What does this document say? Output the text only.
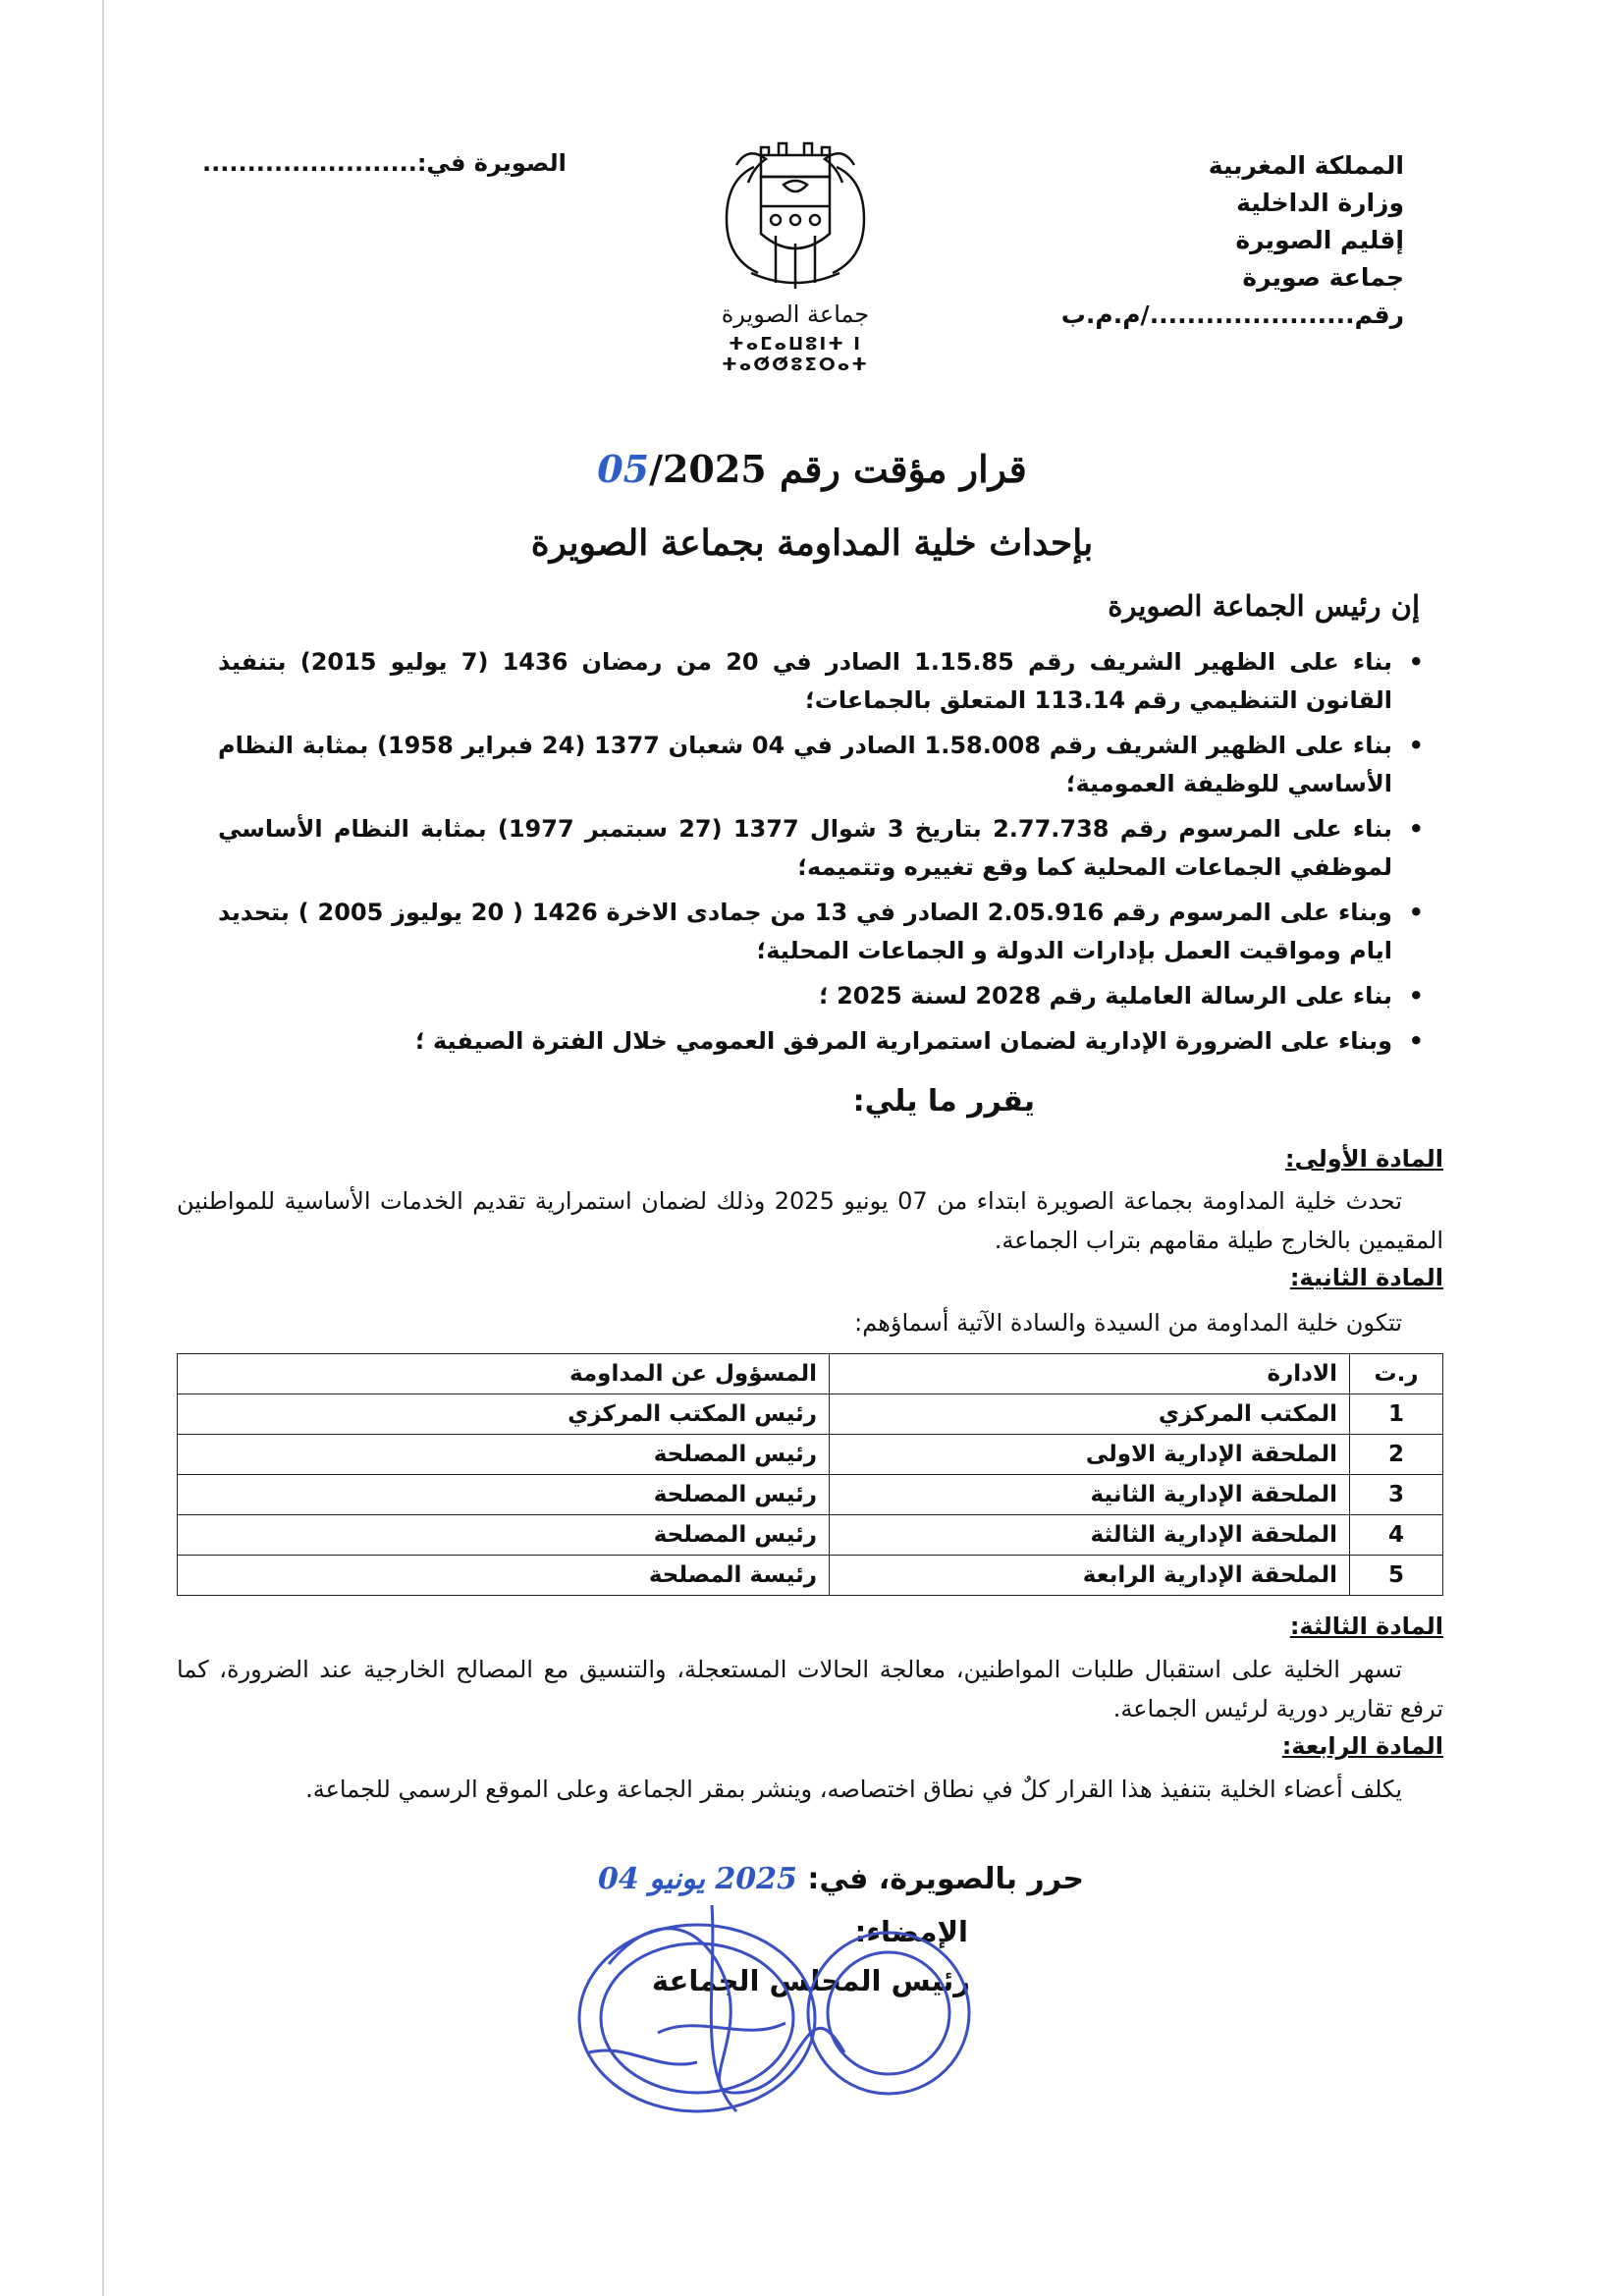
المملكة المغربية
وزارة الداخلية
إقليم الصويرة
جماعة صويرة
رقم....................../م.م.ب
الصويرة في:........................
جماعة الصويرة
ⵜⴰⵎⴰⵡⵓⵏⵜ ⵏ ⵜⴰⵚⵚⵓⵉⵔⴰⵜ
قرار مؤقت رقم 05/2025
بإحداث خلية المداومة بجماعة الصويرة
إن رئيس الجماعة الصويرة
•
بناء على الظهير الشريف رقم 1.15.85 الصادر في 20 من رمضان 1436 (7 يوليو 2015) بتنفيذ القانون التنظيمي رقم 113.14 المتعلق بالجماعات؛
•
بناء على الظهير الشريف رقم 1.58.008 الصادر في 04 شعبان 1377 (24 فبراير 1958) بمثابة النظام الأساسي للوظيفة العمومية؛
•
بناء على المرسوم رقم 2.77.738 بتاريخ 3 شوال 1377 (27 سبتمبر 1977) بمثابة النظام الأساسي لموظفي الجماعات المحلية كما وقع تغييره وتتميمه؛
•
وبناء على المرسوم رقم 2.05.916 الصادر في 13 من جمادى الاخرة 1426 ( 20 يوليوز 2005 ) بتحديد ايام ومواقيت العمل بإدارات الدولة و الجماعات المحلية؛
•
بناء على الرسالة العاملية رقم 2028 لسنة 2025 ؛
•
وبناء على الضرورة الإدارية لضمان استمرارية المرفق العمومي خلال الفترة الصيفية ؛
يقرر ما يلي:
المادة الأولى:
تحدث خلية المداومة بجماعة الصويرة ابتداء من 07 يونيو 2025 وذلك لضمان استمرارية تقديم الخدمات الأساسية للمواطنين المقيمين بالخارج طيلة مقامهم بتراب الجماعة.
المادة الثانية:
تتكون خلية المداومة من السيدة والسادة الآتية أسماؤهم:
ر.ت	الادارة	المسؤول عن المداومة
1	المكتب المركزي	رئيس المكتب المركزي
2	الملحقة الإدارية الاولى	رئيس المصلحة
3	الملحقة الإدارية الثانية	رئيس المصلحة
4	الملحقة الإدارية الثالثة	رئيس المصلحة
5	الملحقة الإدارية الرابعة	رئيسة المصلحة
المادة الثالثة:
تسهر الخلية على استقبال طلبات المواطنين، معالجة الحالات المستعجلة، والتنسيق مع المصالح الخارجية عند الضرورة، كما ترفع تقارير دورية لرئيس الجماعة.
المادة الرابعة:
يكلف أعضاء الخلية بتنفيذ هذا القرار كلٌ في نطاق اختصاصه، وينشر بمقر الجماعة وعلى الموقع الرسمي للجماعة.
حرر بالصويرة، في: 2025 يونيو 04
الإمضاء:
رئيس المجلس الجماعة
